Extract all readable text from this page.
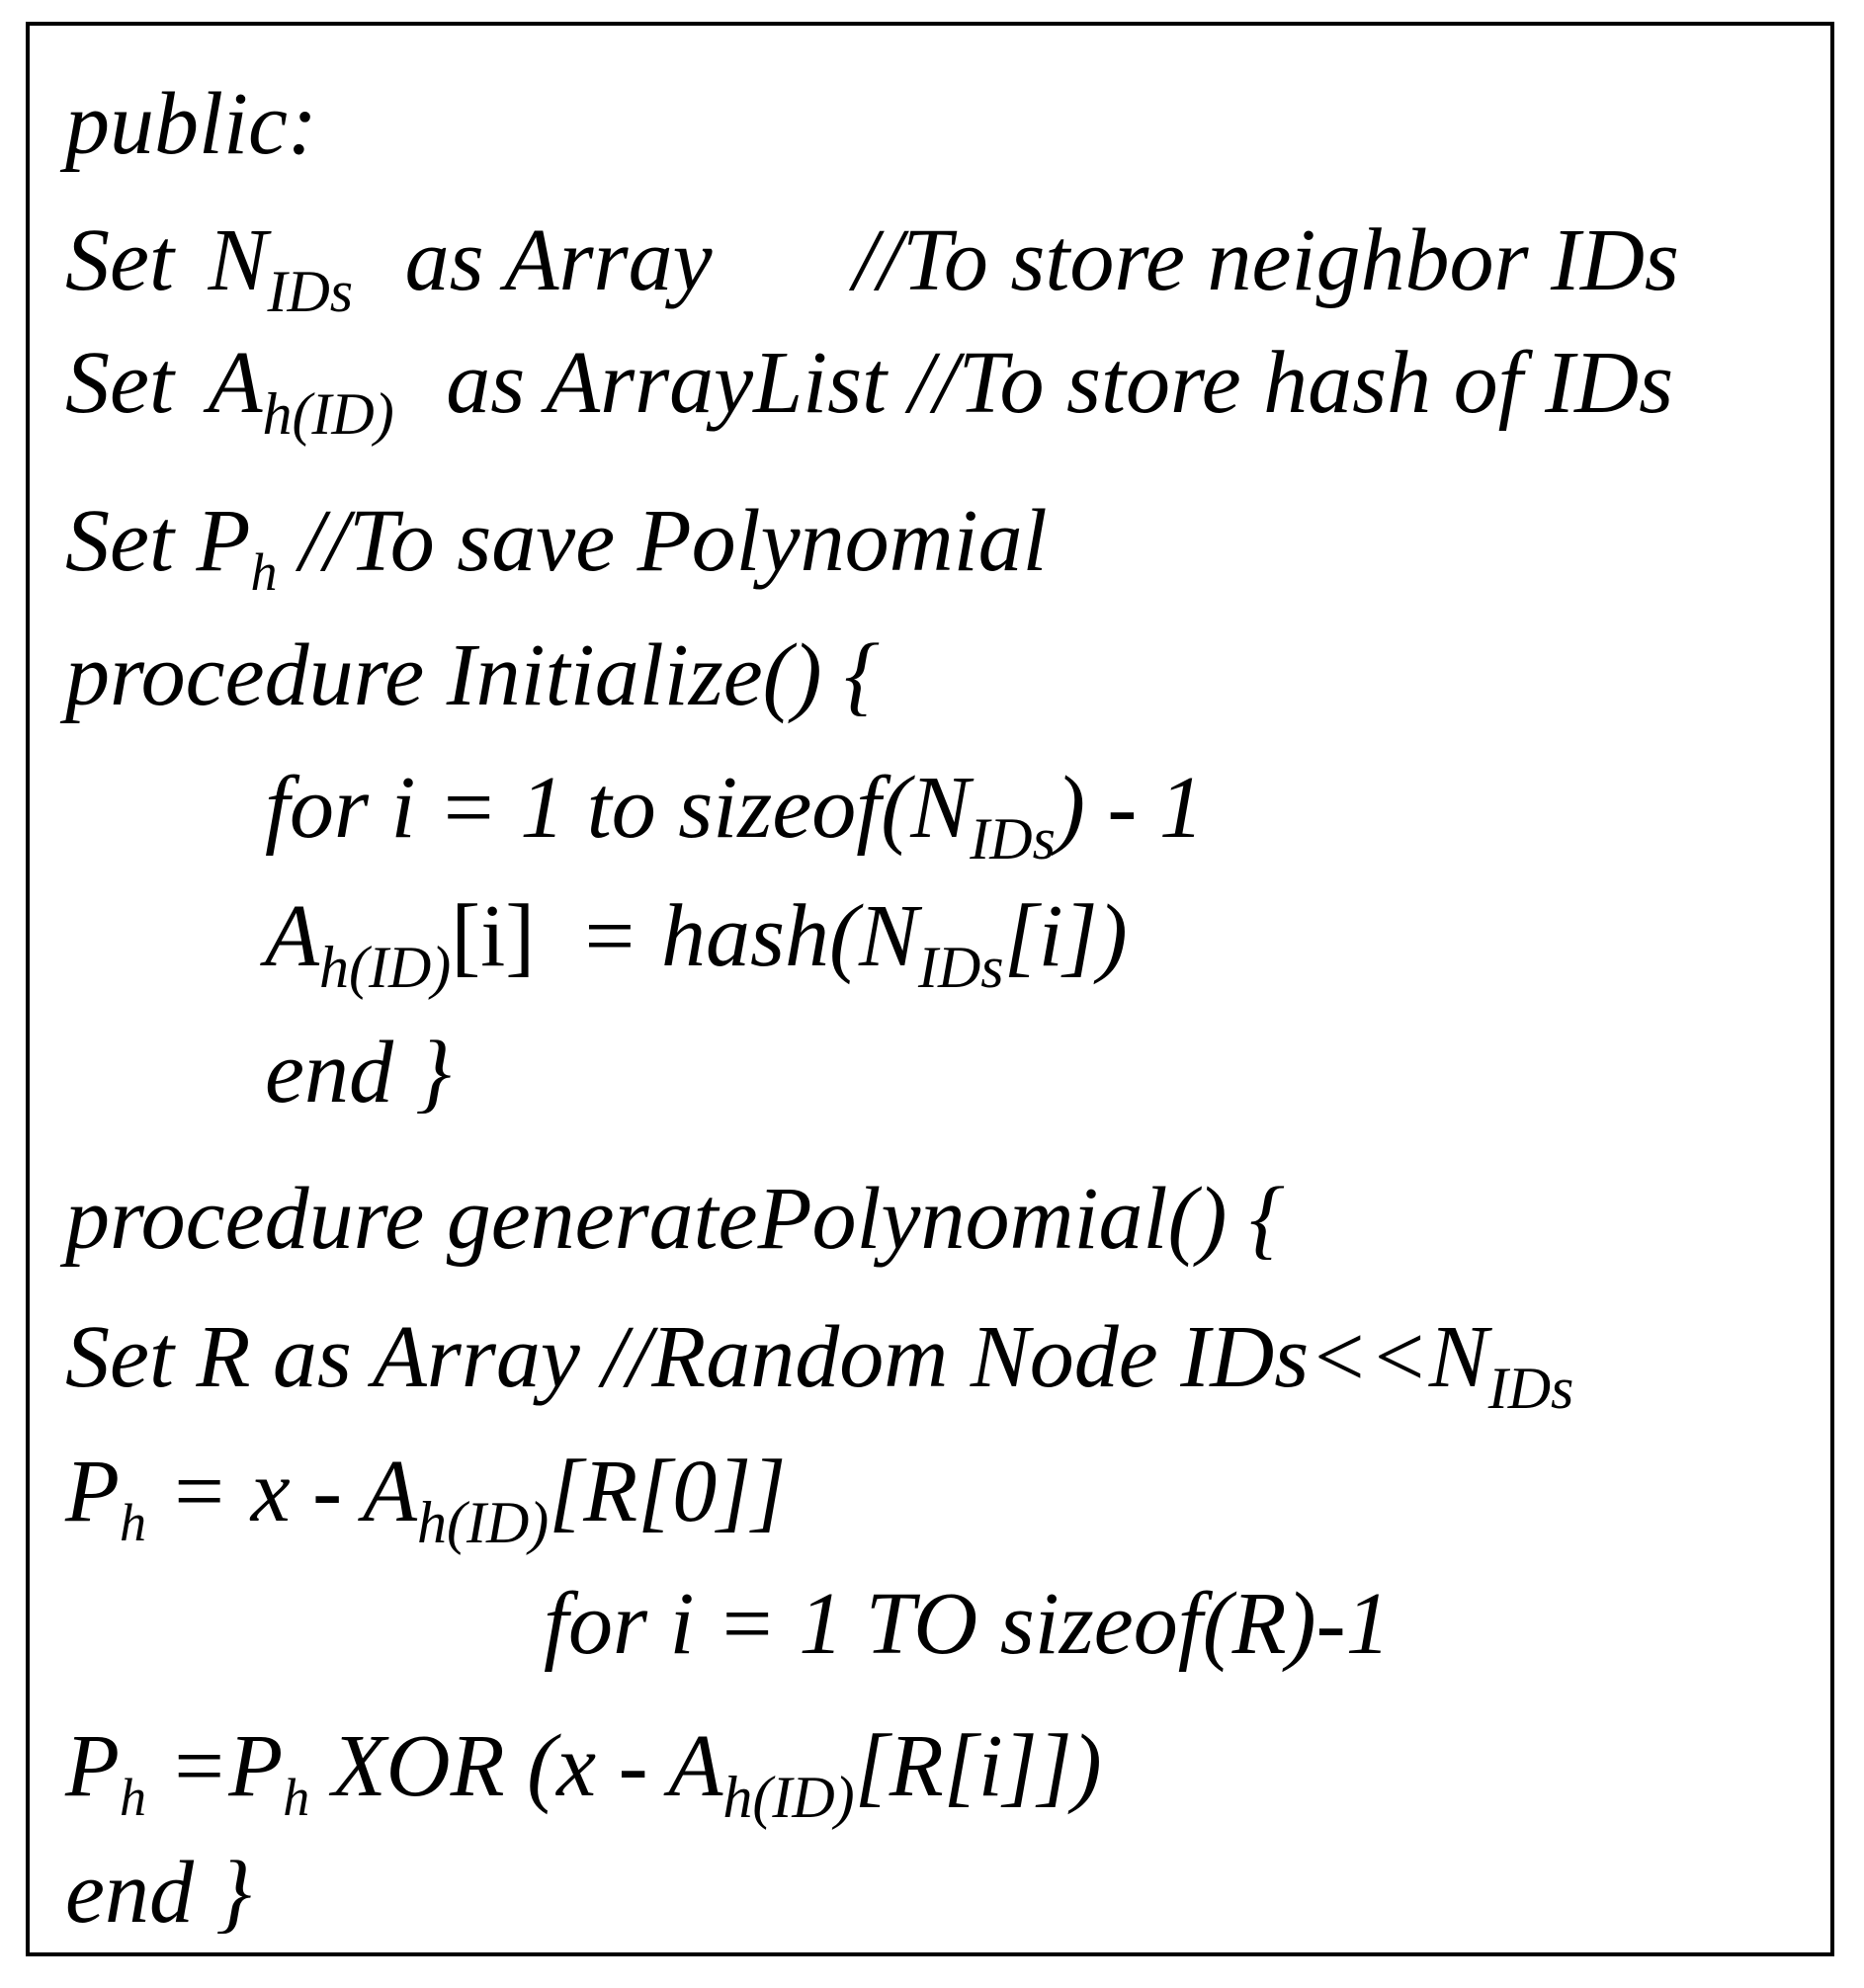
public:
Set $N_{IDs}$ as Array //To store neighbor IDs
Set $A_{h(ID)}$ as ArrayList //To store hash of IDs
Set $P_h$ //To save Polynomial
procedure Initialize() {
for i = 1 to $sizeof(N_{IDs}) - 1$
$A_{h(ID)}[i]$ = $hash(N_{IDs}[i])$
end }
procedure generatePolynomial() {
Set R as Array //Random Node $IDs<<N_{IDs}$
$P_h = x - A_{h(ID)}[R[0]]$
for i = 1 TO sizeof(R)-1
$P_h =P_h$ XOR $(x - A_{h(ID)}[R[i]])$
end }
